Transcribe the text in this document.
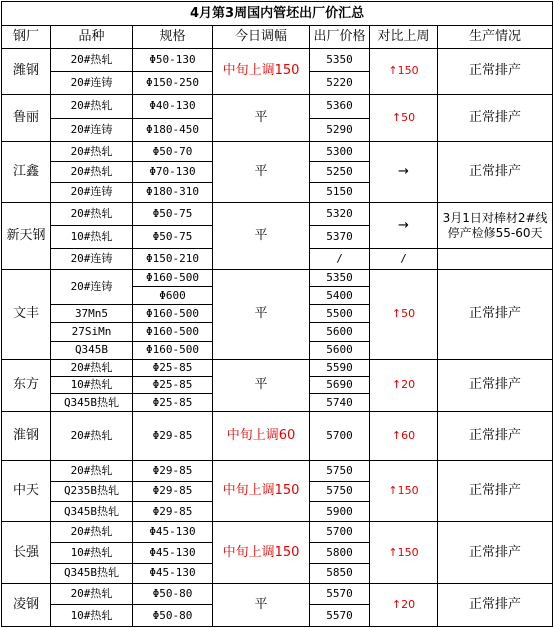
4月第3周国内管坯出厂价汇总						
钢厂	品种	规格	今日调幅	出厂价格	对比上周	生产情况
潍钢	20#热轧	Φ50-130	中旬上调150	5350	↑150	正常排产
	20#连铸	Φ150-250		5220		
鲁丽	20#热轧	Φ40-130	平	5360	↑50	正常排产
	20#连铸	Φ180-450		5290		
江鑫	20#热轧	Φ50-70	平	5300	→	正常排产
	20#热轧	Φ70-130		5250		
	20#连铸	Φ180-310		5150		
新天钢	20#热轧	Φ50-75	平	5320	→	3月1日对棒材2#线停产检修55-60天
	10#热轧	Φ50-75		5370		
	20#连铸	Φ150-210		/	/	
文丰	20#连铸	Φ160-500	平	5350	↑50	正常排产
		Φ600		5400		
	37Mn5	Φ160-500		5500		
	27SiMn	Φ160-500		5600		
	Q345B	Φ160-500		5600		
东方	20#热轧	Φ25-85	平	5590	↑20	正常排产
	10#热轧	Φ25-85		5690		
	Q345B热轧	Φ25-85		5740		
淮钢	20#热轧	Φ29-85	中旬上调60	5700	↑60	正常排产
中天	20#热轧	Φ29-85	中旬上调150	5750	↑150	正常排产
	Q235B热轧	Φ29-85		5750		
	Q345B热轧	Φ29-85		5900		
长强	20#热轧	Φ45-130	中旬上调150	5700	↑150	正常排产
	10#热轧	Φ45-130		5800		
	Q345B热轧	Φ45-130		5850		
凌钢	20#热轧	Φ50-80	平	5570	↑20	正常排产
	10#热轧	Φ50-80		5570		
